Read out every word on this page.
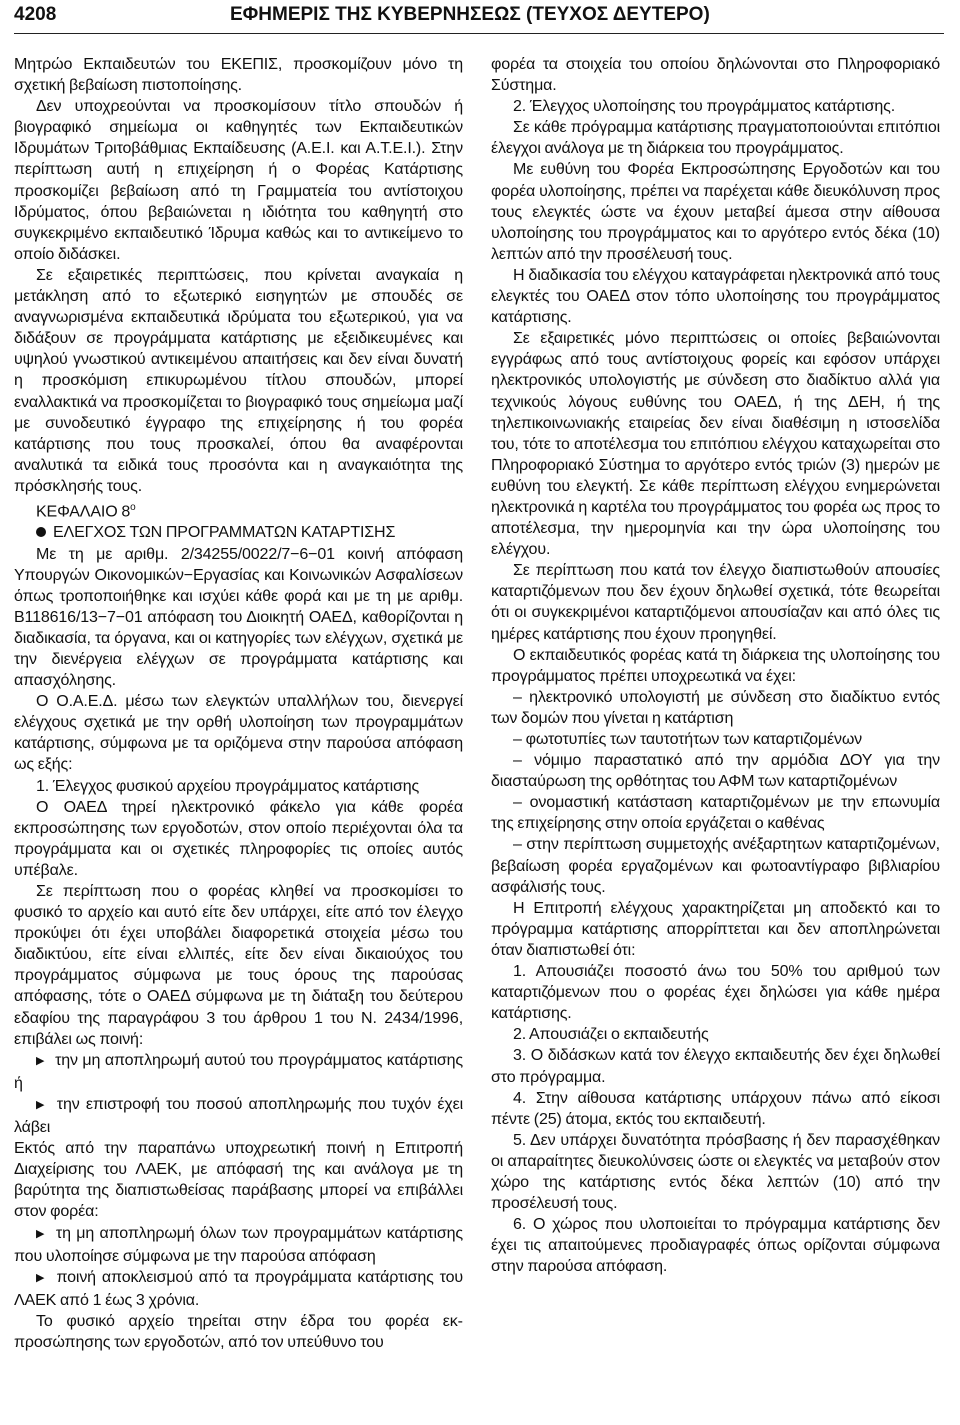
4208	ΕΦΗΜΕΡΙΣ ΤΗΣ ΚΥΒΕΡΝΗΣΕΩΣ (ΤΕΥΧΟΣ ΔΕΥΤΕΡΟ)

Μητρώο Εκπαιδευτών του ΕΚΕΠΙΣ, προσκομίζουν μόνο τη σχετική βεβαίωση πιστοποίησης.

Δεν υποχρεούνται να προσκομίσουν τίτλο σπουδών ή βιογραφικό σημείωμα οι καθηγητές των Εκπαιδευτικών Ιδρυμάτων Τριτοβάθμιας Εκπαίδευσης (Α.Ε.Ι. και Α.Τ.Ε.Ι.). Στην περίπτωση αυτή η επιχείρηση ή ο Φορέας Κατάρτισης προσκομίζει βεβαίωση από τη Γραμματεία του αντίστοιχου Ιδρύματος, όπου βεβαιώνεται η ιδιότητα του καθηγητή στο συγκεκριμένο εκπαιδευτικό Ίδρυμα καθώς και το αντικείμενο το οποίο διδάσκει.

Σε εξαιρετικές περιπτώσεις, που κρίνεται αναγκαία η μετάκληση από το εξωτερικό εισηγητών με σπουδές σε αναγνωρισμένα εκπαιδευτικά ιδρύματα του εξωτερικού, για να διδάξουν σε προγράμματα κατάρτισης με εξειδικευμένες και υψηλού γνωστικού αντικειμένου απαιτήσεις και δεν είναι δυνατή η προσκόμιση επικυρωμένου τίτλου σπουδών, μπορεί εναλλακτικά να προσκομίζεται το βιογραφικό τους σημείωμα μαζί με συνοδευτικό έγγραφο της επιχείρησης ή του φορέα κατάρτισης που τους προσκαλεί, όπου θα αναφέρονται αναλυτικά τα ειδικά τους προσόντα και η αναγκαιότητα της πρόσκλησής τους.

ΚΕΦΑΛΑΙΟ $8^o$

ΕΛΕΓΧΟΣ ΤΩΝ ΠΡΟΓΡΑΜΜΑΤΩΝ ΚΑΤΑΡΤΙΣΗΣ

Με τη με αριθμ. 2/34255/0022/7−6−01 κοινή απόφαση Υπουργών Οικονομικών−Εργασίας και Κοινωνικών Ασφαλίσεων όπως τροποποιήθηκε και ισχύει κάθε φορά και με τη με αριθμ. Β118616/13−7−01 απόφαση του Διοικητή ΟΑΕΔ, καθορίζονται η διαδικασία, τα όργανα, και οι κατηγορίες των ελέγχων, σχετικά με την διενέργεια ελέγχων σε προγράμματα κατάρτισης και απασχόλησης.

Ο Ο.Α.Ε.Δ. μέσω των ελεγκτών υπαλλήλων του, διενεργεί ελέγχους σχετικά με την ορθή υλοποίηση των προγραμμάτων κατάρτισης, σύμφωνα με τα οριζόμενα στην παρούσα απόφαση ως εξής:

1. Έλεγχος φυσικού αρχείου προγράμματος κατάρτισης

Ο ΟΑΕΔ τηρεί ηλεκτρονικό φάκελο για κάθε φορέα εκπροσώπησης των εργοδοτών, στον οποίο περιέχονται όλα τα προγράμματα και οι σχετικές πληροφορίες τις οποίες αυτός υπέβαλε.

Σε περίπτωση που ο φορέας κληθεί να προσκομίσει το φυσικό το αρχείο και αυτό είτε δεν υπάρχει, είτε από τον έλεγχο προκύψει ότι έχει υποβάλει διαφορετικά στοιχεία μέσω του διαδικτύου, είτε είναι ελλιπές, είτε δεν είναι δικαιούχος του προγράμματος σύμφωνα με τους όρους της παρούσας απόφασης, τότε ο ΟΑΕΔ σύμφωνα με τη διάταξη του δεύτερου εδαφίου της παραγράφου 3 του άρθρου 1 του Ν. 2434/1996, επιβάλει ως ποινή:

▶ την μη αποπληρωμή αυτού του προγράμματος κατάρτισης ή

▶ την επιστροφή του ποσού αποπληρωμής που τυχόν έχει λάβει

Εκτός από την παραπάνω υποχρεωτική ποινή η Επιτροπή Διαχείρισης του ΛΑΕΚ, με απόφασή της και ανάλογα με τη βαρύτητα της διαπιστωθείσας παράβασης μπορεί να επιβάλλει στον φορέα:

▶ τη μη αποπληρωμή όλων των προγραμμάτων κατάρτισης που υλοποίησε σύμφωνα με την παρούσα απόφαση

▶ ποινή αποκλεισμού από τα προγράμματα κατάρτισης του ΛΑΕΚ από 1 έως 3 χρόνια.

Το φυσικό αρχείο τηρείται στην έδρα του φορέα εκπροσώπησης των εργοδοτών, από τον υπεύθυνο του

φορέα τα στοιχεία του οποίου δηλώνονται στο Πληροφοριακό Σύστημα.

2. Έλεγχος υλοποίησης του προγράμματος κατάρτισης.

Σε κάθε πρόγραμμα κατάρτισης πραγματοποιούνται επιτόπιοι έλεγχοι ανάλογα με τη διάρκεια του προγράμματος.

Με ευθύνη του Φορέα Εκπροσώπησης Εργοδοτών και του φορέα υλοποίησης, πρέπει να παρέχεται κάθε διευκόλυνση προς τους ελεγκτές ώστε να έχουν μεταβεί άμεσα στην αίθουσα υλοποίησης του προγράμματος και το αργότερο εντός δέκα (10) λεπτών από την προσέλευσή τους.

Η διαδικασία του ελέγχου καταγράφεται ηλεκτρονικά από τους ελεγκτές του ΟΑΕΔ στον τόπο υλοποίησης του προγράμματος κατάρτισης.

Σε εξαιρετικές μόνο περιπτώσεις οι οποίες βεβαιώνονται εγγράφως από τους αντίστοιχους φορείς και εφόσον υπάρχει ηλεκτρονικός υπολογιστής με σύνδεση στο διαδίκτυο αλλά για τεχνικούς λόγους ευθύνης του ΟΑΕΔ, ή της ΔΕΗ, ή της τηλεπικοινωνιακής εταιρείας δεν είναι διαθέσιμη η ιστοσελίδα του, τότε το αποτέλεσμα του επιτόπιου ελέγχου καταχωρείται στο Πληροφοριακό Σύστημα το αργότερο εντός τριών (3) ημερών με ευθύνη του ελεγκτή. Σε κάθε περίπτωση ελέγχου ενημερώνεται ηλεκτρονικά η καρτέλα του προγράμματος του φορέα ως προς το αποτέλεσμα, την ημερομηνία και την ώρα υλοποίησης του ελέγχου.

Σε περίπτωση που κατά τον έλεγχο διαπιστωθούν απουσίες καταρτιζόμενων που δεν έχουν δηλωθεί σχετικά, τότε θεωρείται ότι οι συγκεκριμένοι καταρτιζόμενοι απουσίαζαν και από όλες τις ημέρες κατάρτισης που έχουν προηγηθεί.

Ο εκπαιδευτικός φορέας κατά τη διάρκεια της υλοποίησης του προγράμματος πρέπει υποχρεωτικά να έχει:

– ηλεκτρονικό υπολογιστή με σύνδεση στο διαδίκτυο εντός των δομών που γίνεται η κατάρτιση

– φωτοτυπίες των ταυτοτήτων των καταρτιζομένων

– νόμιμο παραστατικό από την αρμόδια ΔΟΥ για την διασταύρωση της ορθότητας του ΑΦΜ των καταρτιζομένων

– ονομαστική κατάσταση καταρτιζομένων με την επωνυμία της επιχείρησης στην οποία εργάζεται ο καθένας

– στην περίπτωση συμμετοχής ανέξαρτητων καταρτιζομένων, βεβαίωση φορέα εργαζομένων και φωτοαντίγραφο βιβλιαρίου ασφάλισής τους.

Η Επιτροπή ελέγχους χαρακτηρίζεται μη αποδεκτό και το πρόγραμμα κατάρτισης απορρίπτεται και δεν αποπληρώνεται όταν διαπιστωθεί ότι:

1. Απουσιάζει ποσοστό άνω του 50% του αριθμού των καταρτιζόμενων που ο φορέας έχει δηλώσει για κάθε ημέρα κατάρτισης.

2. Απουσιάζει ο εκπαιδευτής

3. Ο διδάσκων κατά τον έλεγχο εκπαιδευτής δεν έχει δηλωθεί στο πρόγραμμα.

4. Στην αίθουσα κατάρτισης υπάρχουν πάνω από είκοσι πέντε (25) άτομα, εκτός του εκπαιδευτή.

5. Δεν υπάρχει δυνατότητα πρόσβασης ή δεν παρασχέθηκαν οι απαραίτητες διευκολύνσεις ώστε οι ελεγκτές να μεταβούν στον χώρο της κατάρτισης εντός δέκα λεπτών (10) από την προσέλευσή τους.

6. Ο χώρος που υλοποιείται το πρόγραμμα κατάρτισης δεν έχει τις απαιτούμενες προδιαγραφές όπως ορίζονται σύμφωνα στην παρούσα απόφαση.
